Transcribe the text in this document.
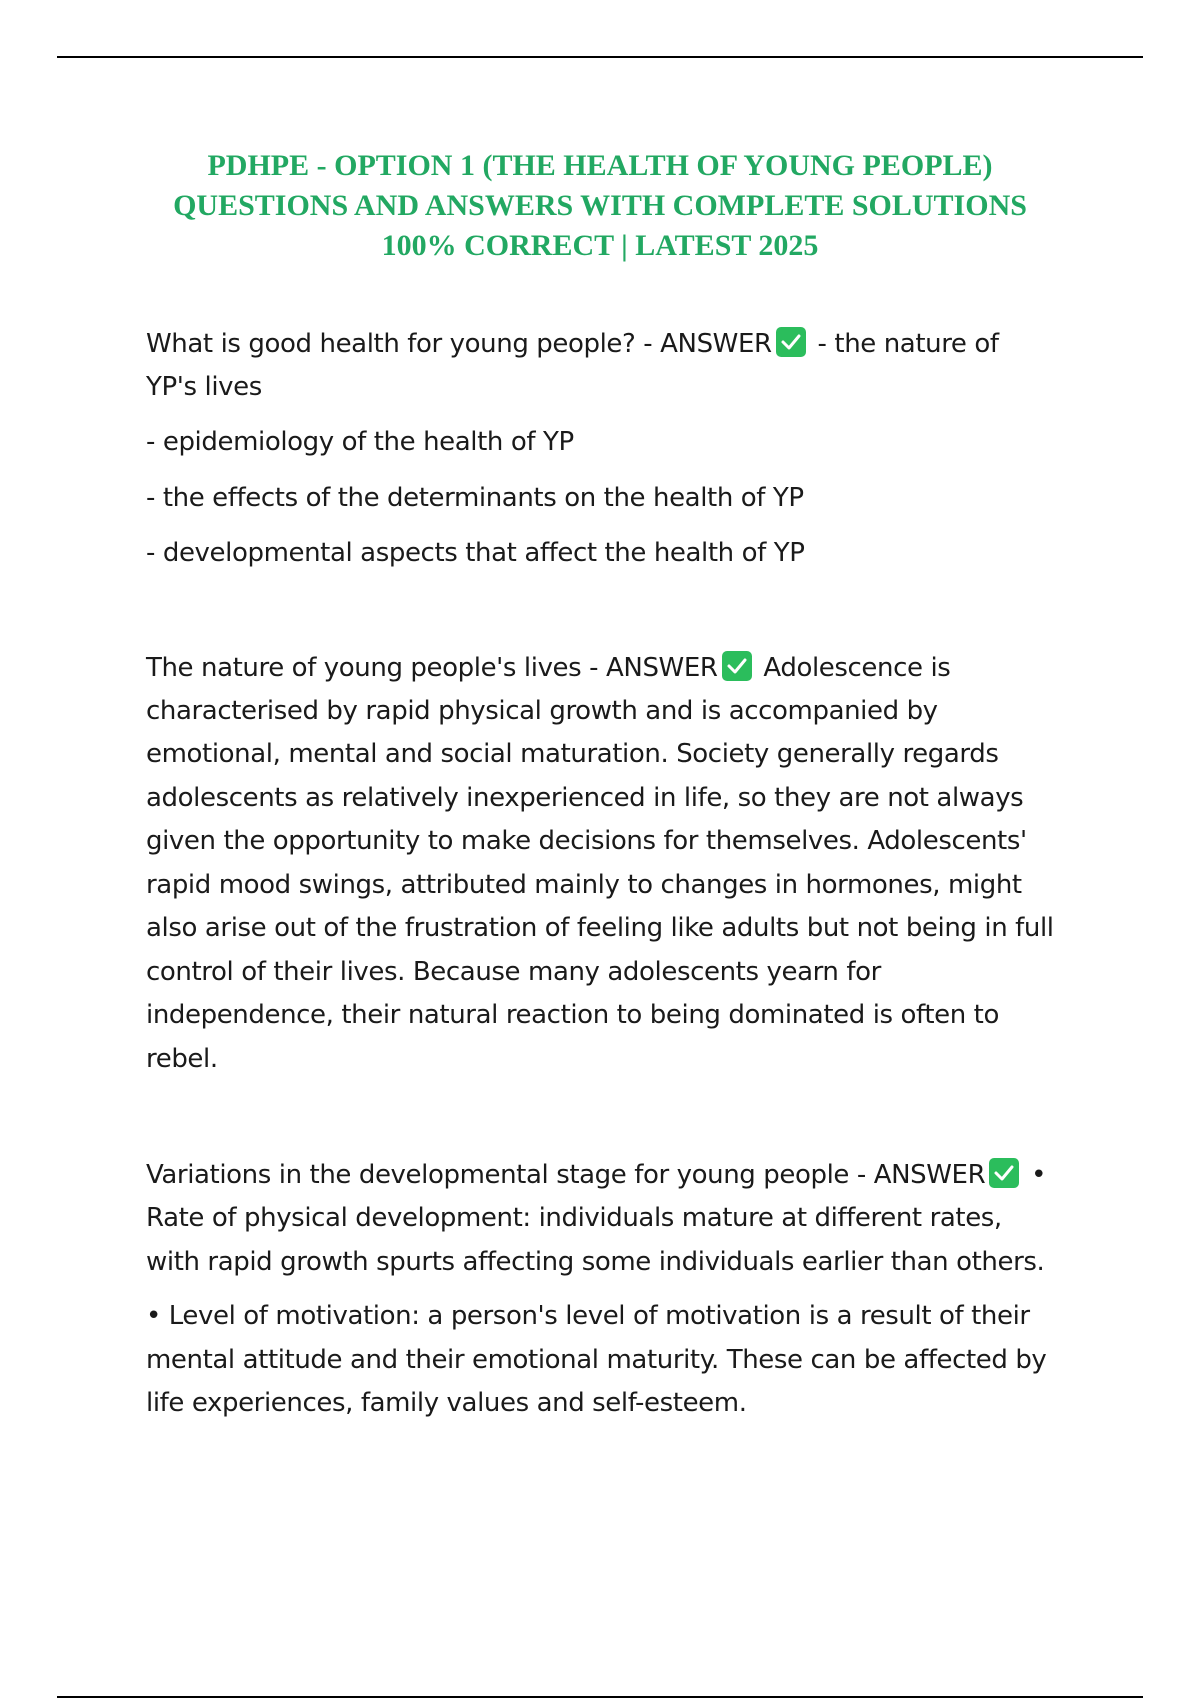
PDHPE - OPTION 1 (THE HEALTH OF YOUNG PEOPLE)
QUESTIONS AND ANSWERS WITH COMPLETE SOLUTIONS
100% CORRECT | LATEST 2025
What is good health for young people? - ANSWER
- the nature of
YP's lives
- epidemiology of the health of YP
- the effects of the determinants on the health of YP
- developmental aspects that affect the health of YP
The nature of young people's lives - ANSWER
Adolescence is
characterised by rapid physical growth and is accompanied by
emotional, mental and social maturation. Society generally regards
adolescents as relatively inexperienced in life, so they are not always
given the opportunity to make decisions for themselves. Adolescents'
rapid mood swings, attributed mainly to changes in hormones, might
also arise out of the frustration of feeling like adults but not being in full
control of their lives. Because many adolescents yearn for
independence, their natural reaction to being dominated is often to
rebel.
Variations in the developmental stage for young people - ANSWER
•
Rate of physical development: individuals mature at different rates,
with rapid growth spurts affecting some individuals earlier than others.
• Level of motivation: a person's level of motivation is a result of their
mental attitude and their emotional maturity. These can be affected by
life experiences, family values and self-esteem.
